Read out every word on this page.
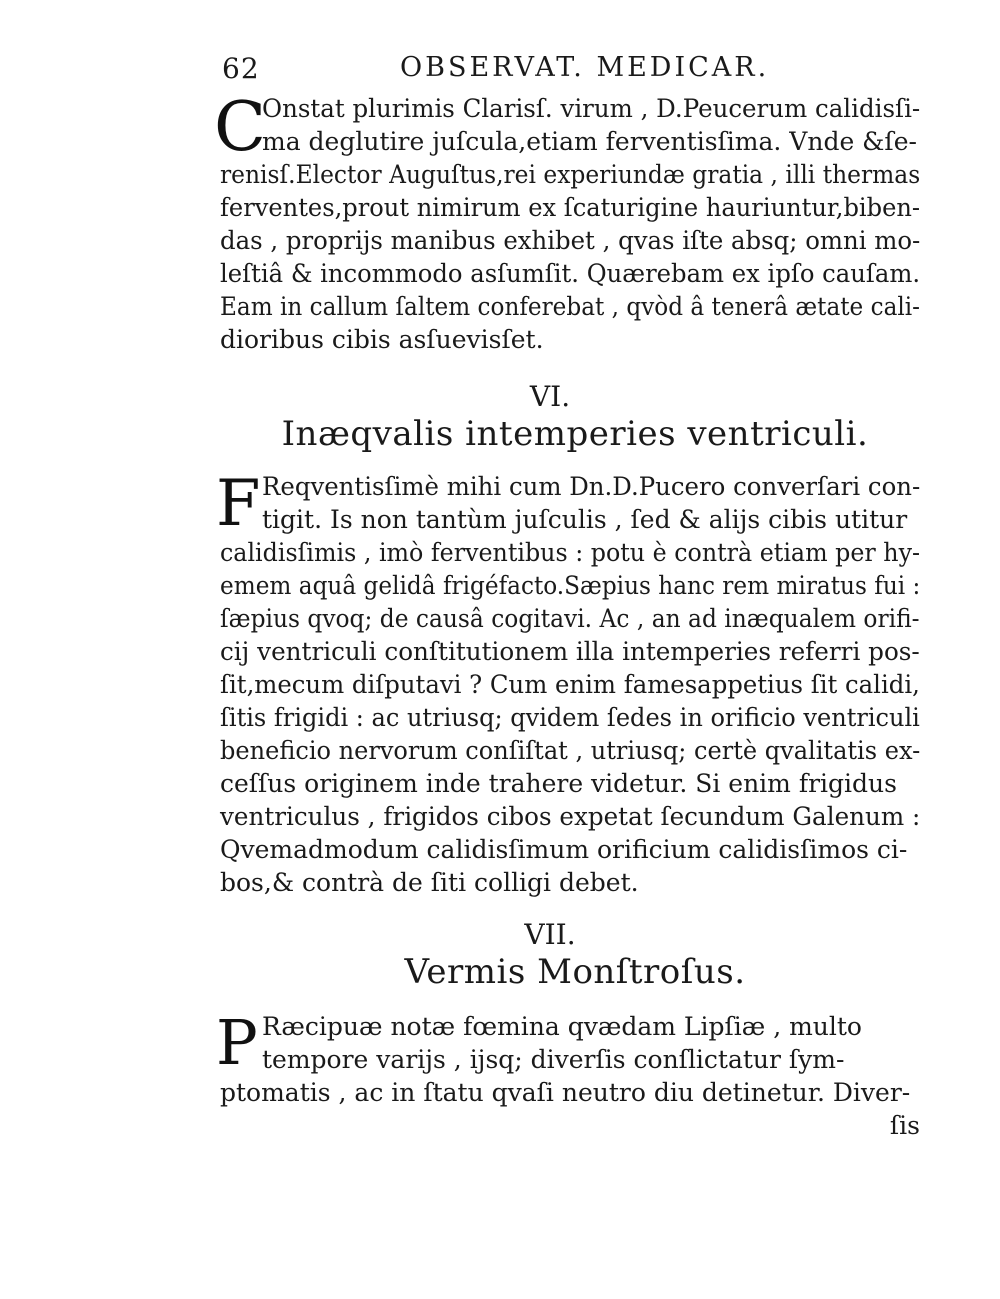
62	OBSERVAT. MEDICAR.
C
Onstat plurimis Clarisſ. virum , D.Peucerum calidisſi-
ma deglutire juſcula,etiam ferventisſima. Vnde &ſe-
renisſ.Elector Auguſtus,rei experiundæ gratia , illi thermas
ferventes,prout nimirum ex ſcaturigine hauriuntur,biben-
das , proprijs manibus exhibet , qvas iſte absq; omni mo-
leſtiâ & incommodo asſumſit. Quærebam ex ipſo cauſam.
Eam in callum ſaltem conferebat , qvòd â tenerâ ætate cali-
dioribus cibis asſuevisſet.
VI.
Inæqvalis intemperies ventriculi.
F Reqventisſimè mihi cum Dn.D.Pucero converſari con-
tigit. Is non tantùm juſculis , ſed & alijs cibis utitur
calidisſimis , imò ferventibus : potu è contrà etiam per hy-
emem aquâ gelidâ frigéfacto.Sæpius hanc rem miratus fui :
ſæpius qvoq; de causâ cogitavi. Ac , an ad inæqualem orifi-
cij ventriculi conſtitutionem illa intemperies referri pos-
ſit,mecum diſputavi ? Cum enim famesappetius ſit calidi,
ſitis frigidi : ac utriusq; qvidem ſedes in orificio ventriculi
beneficio nervorum conſiſtat , utriusq; certè qvalitatis ex-
ceſſus originem inde trahere videtur. Si enim frigidus
ventriculus , frigidos cibos expetat ſecundum Galenum :
Qvemadmodum calidisſimum orificium calidisſimos ci-
bos,& contrà de ſiti colligi debet.
VII.
Vermis Monſtroſus.
P Ræcipuæ notæ fœmina qvædam Lipſiæ , multo
tempore varijs , ijsq; diverſis conſlictatur ſym-
ptomatis , ac in ſtatu qvaſi neutro diu detinetur. Diver-
ſis
